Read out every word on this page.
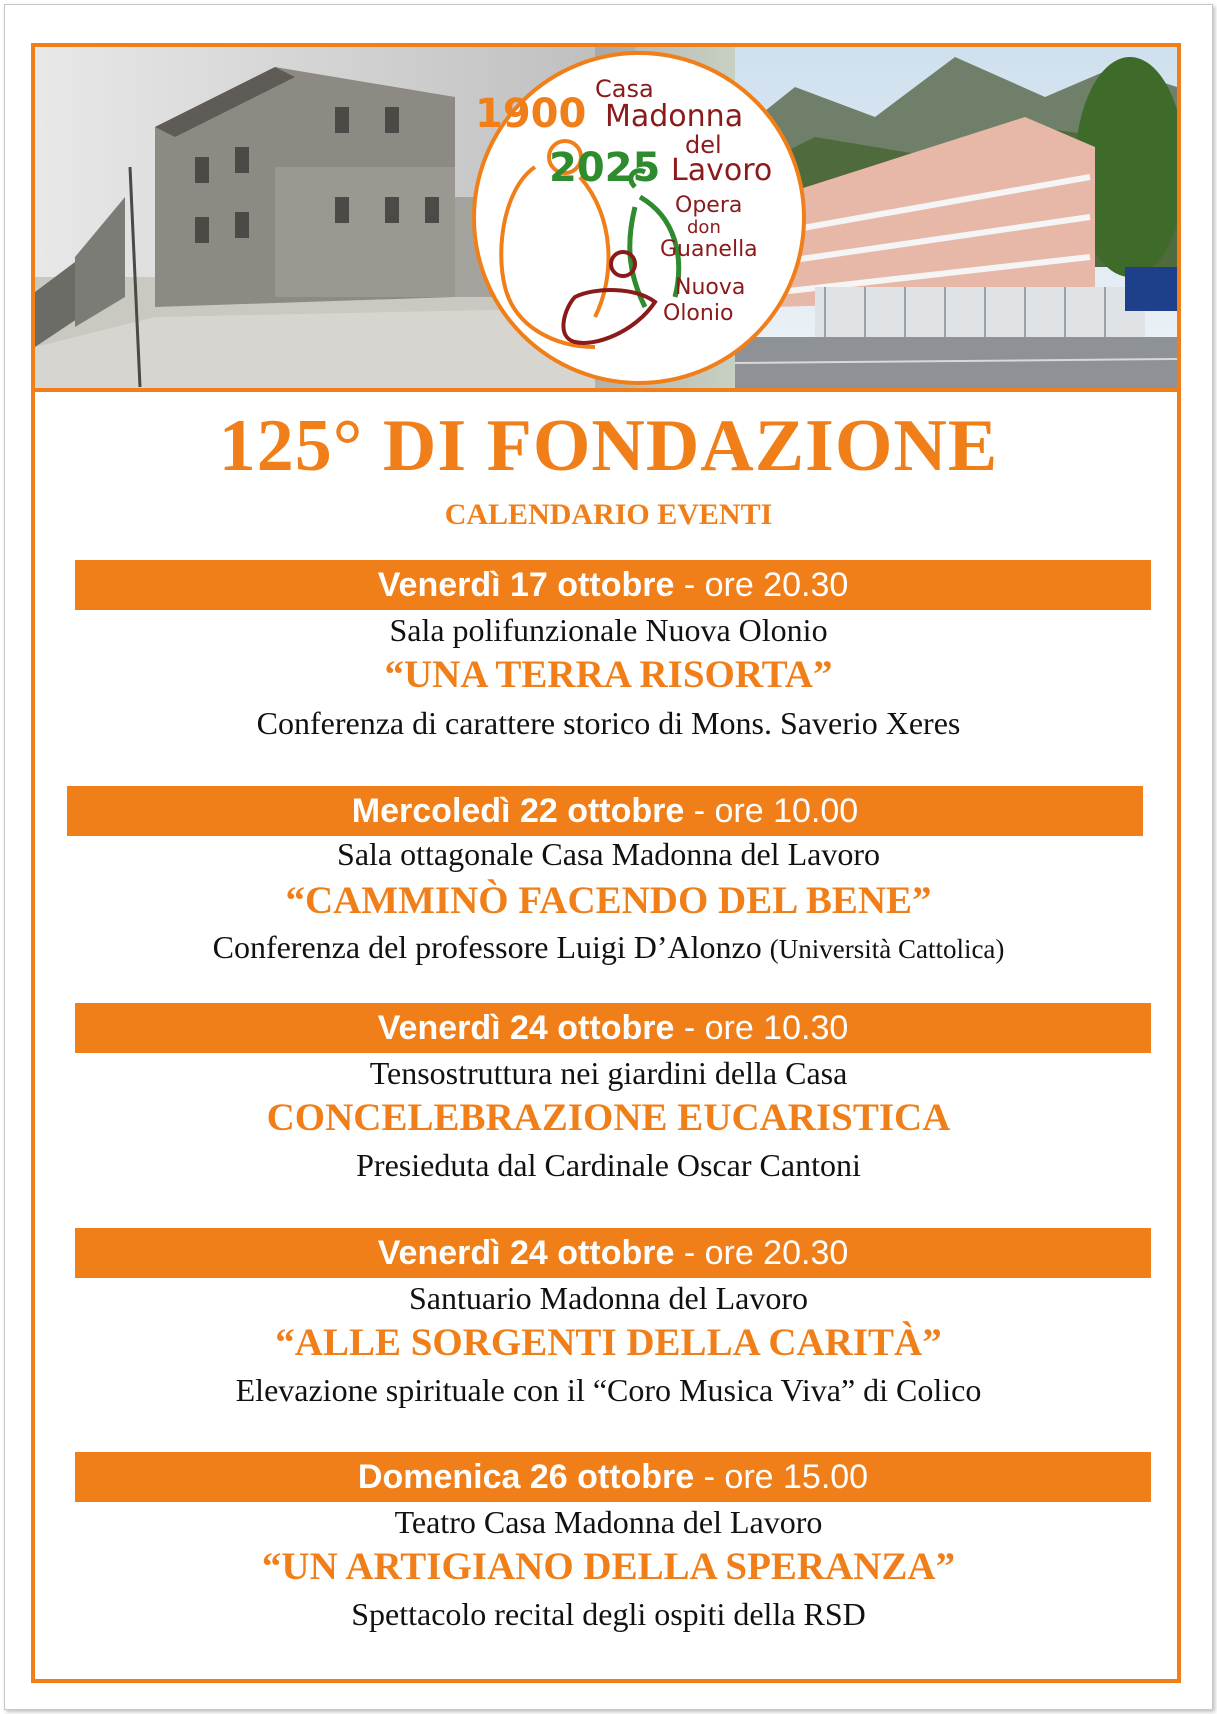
1900
Casa
Madonna
del
2025 Lavoro
Opera
don
Guanella
Nuova
Olonio
125° DI FONDAZIONE
CALENDARIO EVENTI
Venerdì 17 ottobre - ore 20.30
Sala polifunzionale Nuova Olonio
“UNA TERRA RISORTA”
Conferenza di carattere storico di Mons. Saverio Xeres
Mercoledì 22 ottobre - ore 10.00
Sala ottagonale Casa Madonna del Lavoro
“CAMMINÒ FACENDO DEL BENE”
Conferenza del professore Luigi D’Alonzo (Università Cattolica)
Venerdì 24 ottobre - ore 10.30
Tensostruttura nei giardini della Casa
CONCELEBRAZIONE EUCARISTICA
Presieduta dal Cardinale Oscar Cantoni
Venerdì 24 ottobre - ore 20.30
Santuario Madonna del Lavoro
“ALLE SORGENTI DELLA CARITÀ”
Elevazione spirituale con il “Coro Musica Viva” di Colico
Domenica 26 ottobre - ore 15.00
Teatro Casa Madonna del Lavoro
“UN ARTIGIANO DELLA SPERANZA”
Spettacolo recital degli ospiti della RSD
